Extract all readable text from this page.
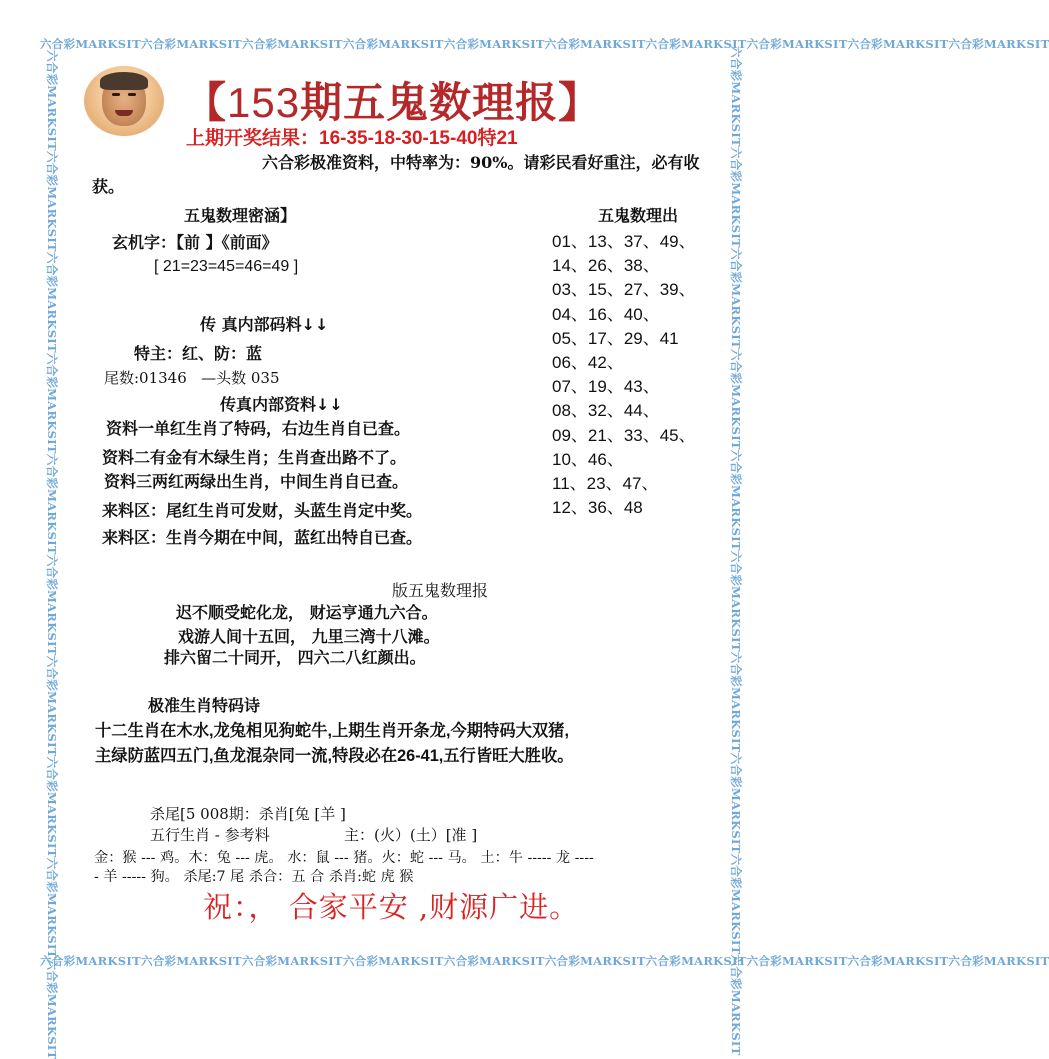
六合彩MARKSIT六合彩MARKSIT六合彩MARKSIT六合彩MARKSIT六合彩MARKSIT六合彩MARKSIT六合彩MARKSIT六合彩MARKSIT六合彩MARKSIT六合彩MARKSIT
六合彩MARKSIT六合彩MARKSIT六合彩MARKSIT六合彩MARKSIT六合彩MARKSIT六合彩MARKSIT六合彩MARKSIT六合彩MARKSIT六合彩MARKSIT六合彩MARKSIT
六合彩MARKSIT六合彩MARKSIT六合彩MARKSIT六合彩MARKSIT六合彩MARKSIT六合彩MARKSIT六合彩MARKSIT六合彩MARKSIT六合彩MARKSIT六合彩MARKSIT	六合彩MARKSIT六合彩MARKSIT六合彩MARKSIT六合彩MARKSIT六合彩MARKSIT六合彩MARKSIT六合彩MARKSIT六合彩MARKSIT六合彩MARKSIT六合彩MARKSIT
【153期五鬼数理报】
上期开奖结果：16-35-18-30-15-40特21
六合彩极准资料，中特率为：90%。请彩民看好重注，必有收
获。
五鬼数理密涵】
玄机字：【前 】《前面》
[ 21=23=45=46=49 ]
传 真内部码料↓↓
特主：红、防：蓝
尾数:01346 —头数 035
传真内部资料↓↓
资料一单红生肖了特码，右边生肖自已查。
资料二有金有木绿生肖；生肖查出路不了。
资料三两红两绿出生肖，中间生肖自已查。
来料区：尾红生肖可发财，头蓝生肖定中奖。
来料区：生肖今期在中间，蓝红出特自已查。
五鬼数理出
01、13、37、49、
14、26、38、
03、15、27、39、
04、16、40、
05、17、29、41
06、42、
07、19、43、
08、32、44、
09、21、33、45、
10、46、
11、23、47、
12、36、48
版五鬼数理报
迟不顺受蛇化龙， 财运亨通九六合。
戏游人间十五回， 九里三湾十八滩。
排六留二十同开， 四六二八红颜出。
极准生肖特码诗
十二生肖在木水,龙兔相见狗蛇牛,上期生肖开条龙,今期特码大双猪,
主绿防蓝四五门,鱼龙混杂同一流,特段必在26-41,五行皆旺大胜收。
杀尾[5 008期：杀肖[兔 [羊 ]
五行生肖 - 参考料	主：(火）(土）[准 ]
金：猴 --- 鸡。木：兔 --- 虎。 水：鼠 --- 猪。火：蛇 --- 马。 土：牛 ----- 龙 ----
- 羊 ----- 狗。 杀尾:7 尾 杀合：五 合 杀肖:蛇 虎 猴
祝：， 合家平安 ,财源广进。
